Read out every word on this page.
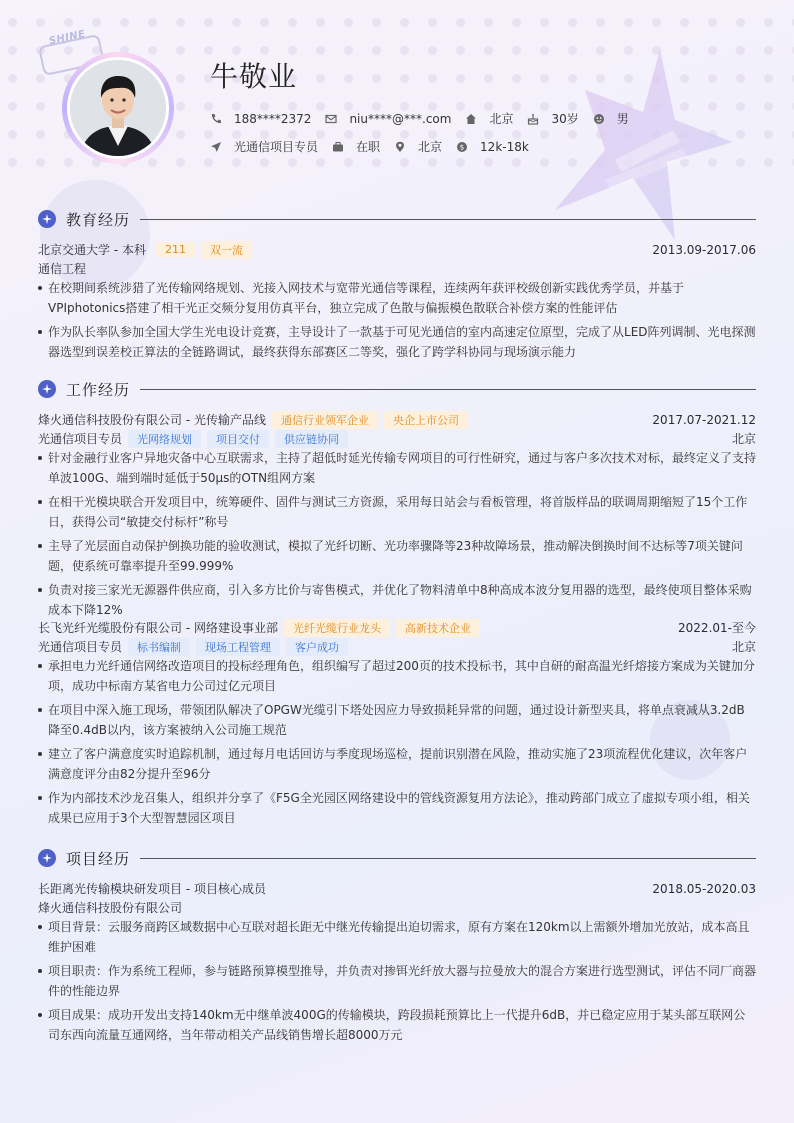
SHINE
牛敬业
188****2372	niu****@***.com	北京	30岁	男
光通信项目专员	在职	北京	$ 12k-18k
教育经历
北京交通大学 - 本科	211	双一流	2013.09-2017.06
通信工程
在校期间系统涉猎了光传输网络规划、光接入网技术与宽带光通信等课程，连续两年获评校级创新实践优秀学员，并基于VPIphotonics搭建了相干光正交频分复用仿真平台，独立完成了色散与偏振模色散联合补偿方案的性能评估
作为队长率队参加全国大学生光电设计竞赛，主导设计了一款基于可见光通信的室内高速定位原型，完成了从LED阵列调制、光电探测器选型到误差校正算法的全链路调试，最终获得东部赛区二等奖，强化了跨学科协同与现场演示能力
工作经历
烽火通信科技股份有限公司 - 光传输产品线	通信行业领军企业	央企上市公司	2017.07-2021.12
光通信项目专员	光网络规划	项目交付	供应链协同	北京
针对金融行业客户异地灾备中心互联需求，主持了超低时延光传输专网项目的可行性研究，通过与客户多次技术对标，最终定义了支持单波100G、端到端时延低于50μs的OTN组网方案
在相干光模块联合开发项目中，统筹硬件、固件与测试三方资源，采用每日站会与看板管理，将首版样品的联调周期缩短了15个工作日，获得公司“敏捷交付标杆”称号
主导了光层面自动保护倒换功能的验收测试，模拟了光纤切断、光功率骤降等23种故障场景，推动解决倒换时间不达标等7项关键问题，使系统可靠率提升至99.999%
负责对接三家光无源器件供应商，引入多方比价与寄售模式，并优化了物料清单中8种高成本波分复用器的选型，最终使项目整体采购成本下降12%
长飞光纤光缆股份有限公司 - 网络建设事业部	光纤光缆行业龙头	高新技术企业	2022.01-至今
光通信项目专员	标书编制	现场工程管理	客户成功	北京
承担电力光纤通信网络改造项目的投标经理角色，组织编写了超过200页的技术投标书，其中自研的耐高温光纤熔接方案成为关键加分项，成功中标南方某省电力公司过亿元项目
在项目中深入施工现场，带领团队解决了OPGW光缆引下塔处因应力导致损耗异常的问题，通过设计新型夹具，将单点衰减从3.2dB降至0.4dB以内，该方案被纳入公司施工规范
建立了客户满意度实时追踪机制，通过每月电话回访与季度现场巡检，提前识别潜在风险，推动实施了23项流程优化建议，次年客户满意度评分由82分提升至96分
作为内部技术沙龙召集人，组织并分享了《F5G全光园区网络建设中的管线资源复用方法论》，推动跨部门成立了虚拟专项小组，相关成果已应用于3个大型智慧园区项目
项目经历
长距离光传输模块研发项目 - 项目核心成员	2018.05-2020.03
烽火通信科技股份有限公司
项目背景：云服务商跨区域数据中心互联对超长距无中继光传输提出迫切需求，原有方案在120km以上需额外增加光放站，成本高且维护困难
项目职责：作为系统工程师，参与链路预算模型推导，并负责对掺铒光纤放大器与拉曼放大的混合方案进行选型测试，评估不同厂商器件的性能边界
项目成果：成功开发出支持140km无中继单波400G的传输模块，跨段损耗预算比上一代提升6dB，并已稳定应用于某头部互联网公司东西向流量互通网络，当年带动相关产品线销售增长超8000万元
